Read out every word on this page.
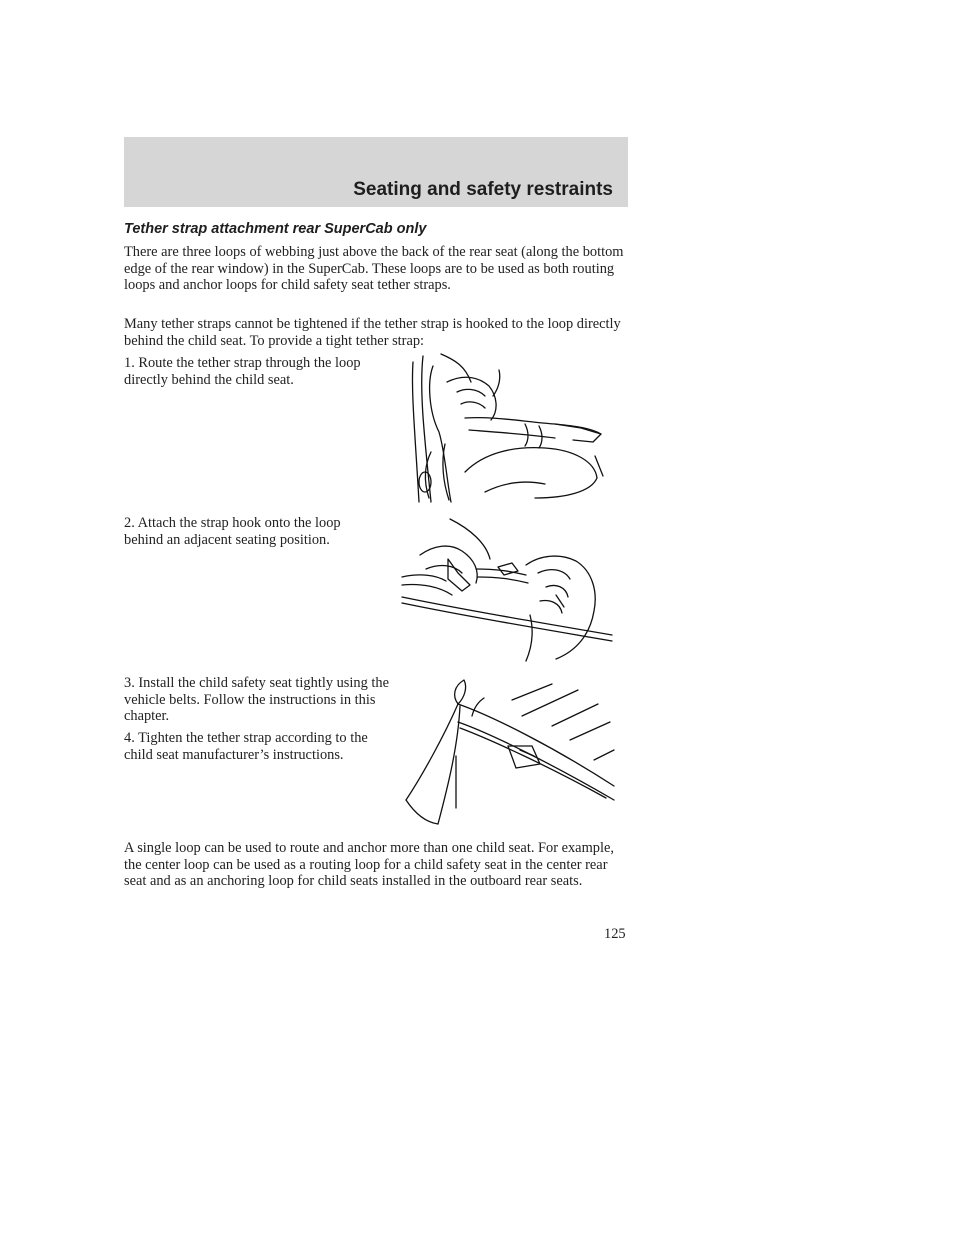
Seating and safety restraints
Tether strap attachment rear SuperCab only

There are three loops of webbing just above the back of the rear seat (along the bottom edge of the rear window) in the SuperCab. These loops are to be used as both routing loops and anchor loops for child safety seat tether straps.

Many tether straps cannot be tightened if the tether strap is hooked to the loop directly behind the child seat. To provide a tight tether strap:

1. Route the tether strap through the loop directly behind the child seat.

2. Attach the strap hook onto the loop behind an adjacent seating position.

3. Install the child safety seat tightly using the vehicle belts. Follow the instructions in this chapter.

4. Tighten the tether strap according to the child seat manufacturer’s instructions.

A single loop can be used to route and anchor more than one child seat. For example, the center loop can be used as a routing loop for a child safety seat in the center rear seat and as an anchoring loop for child seats installed in the outboard rear seats.

125
